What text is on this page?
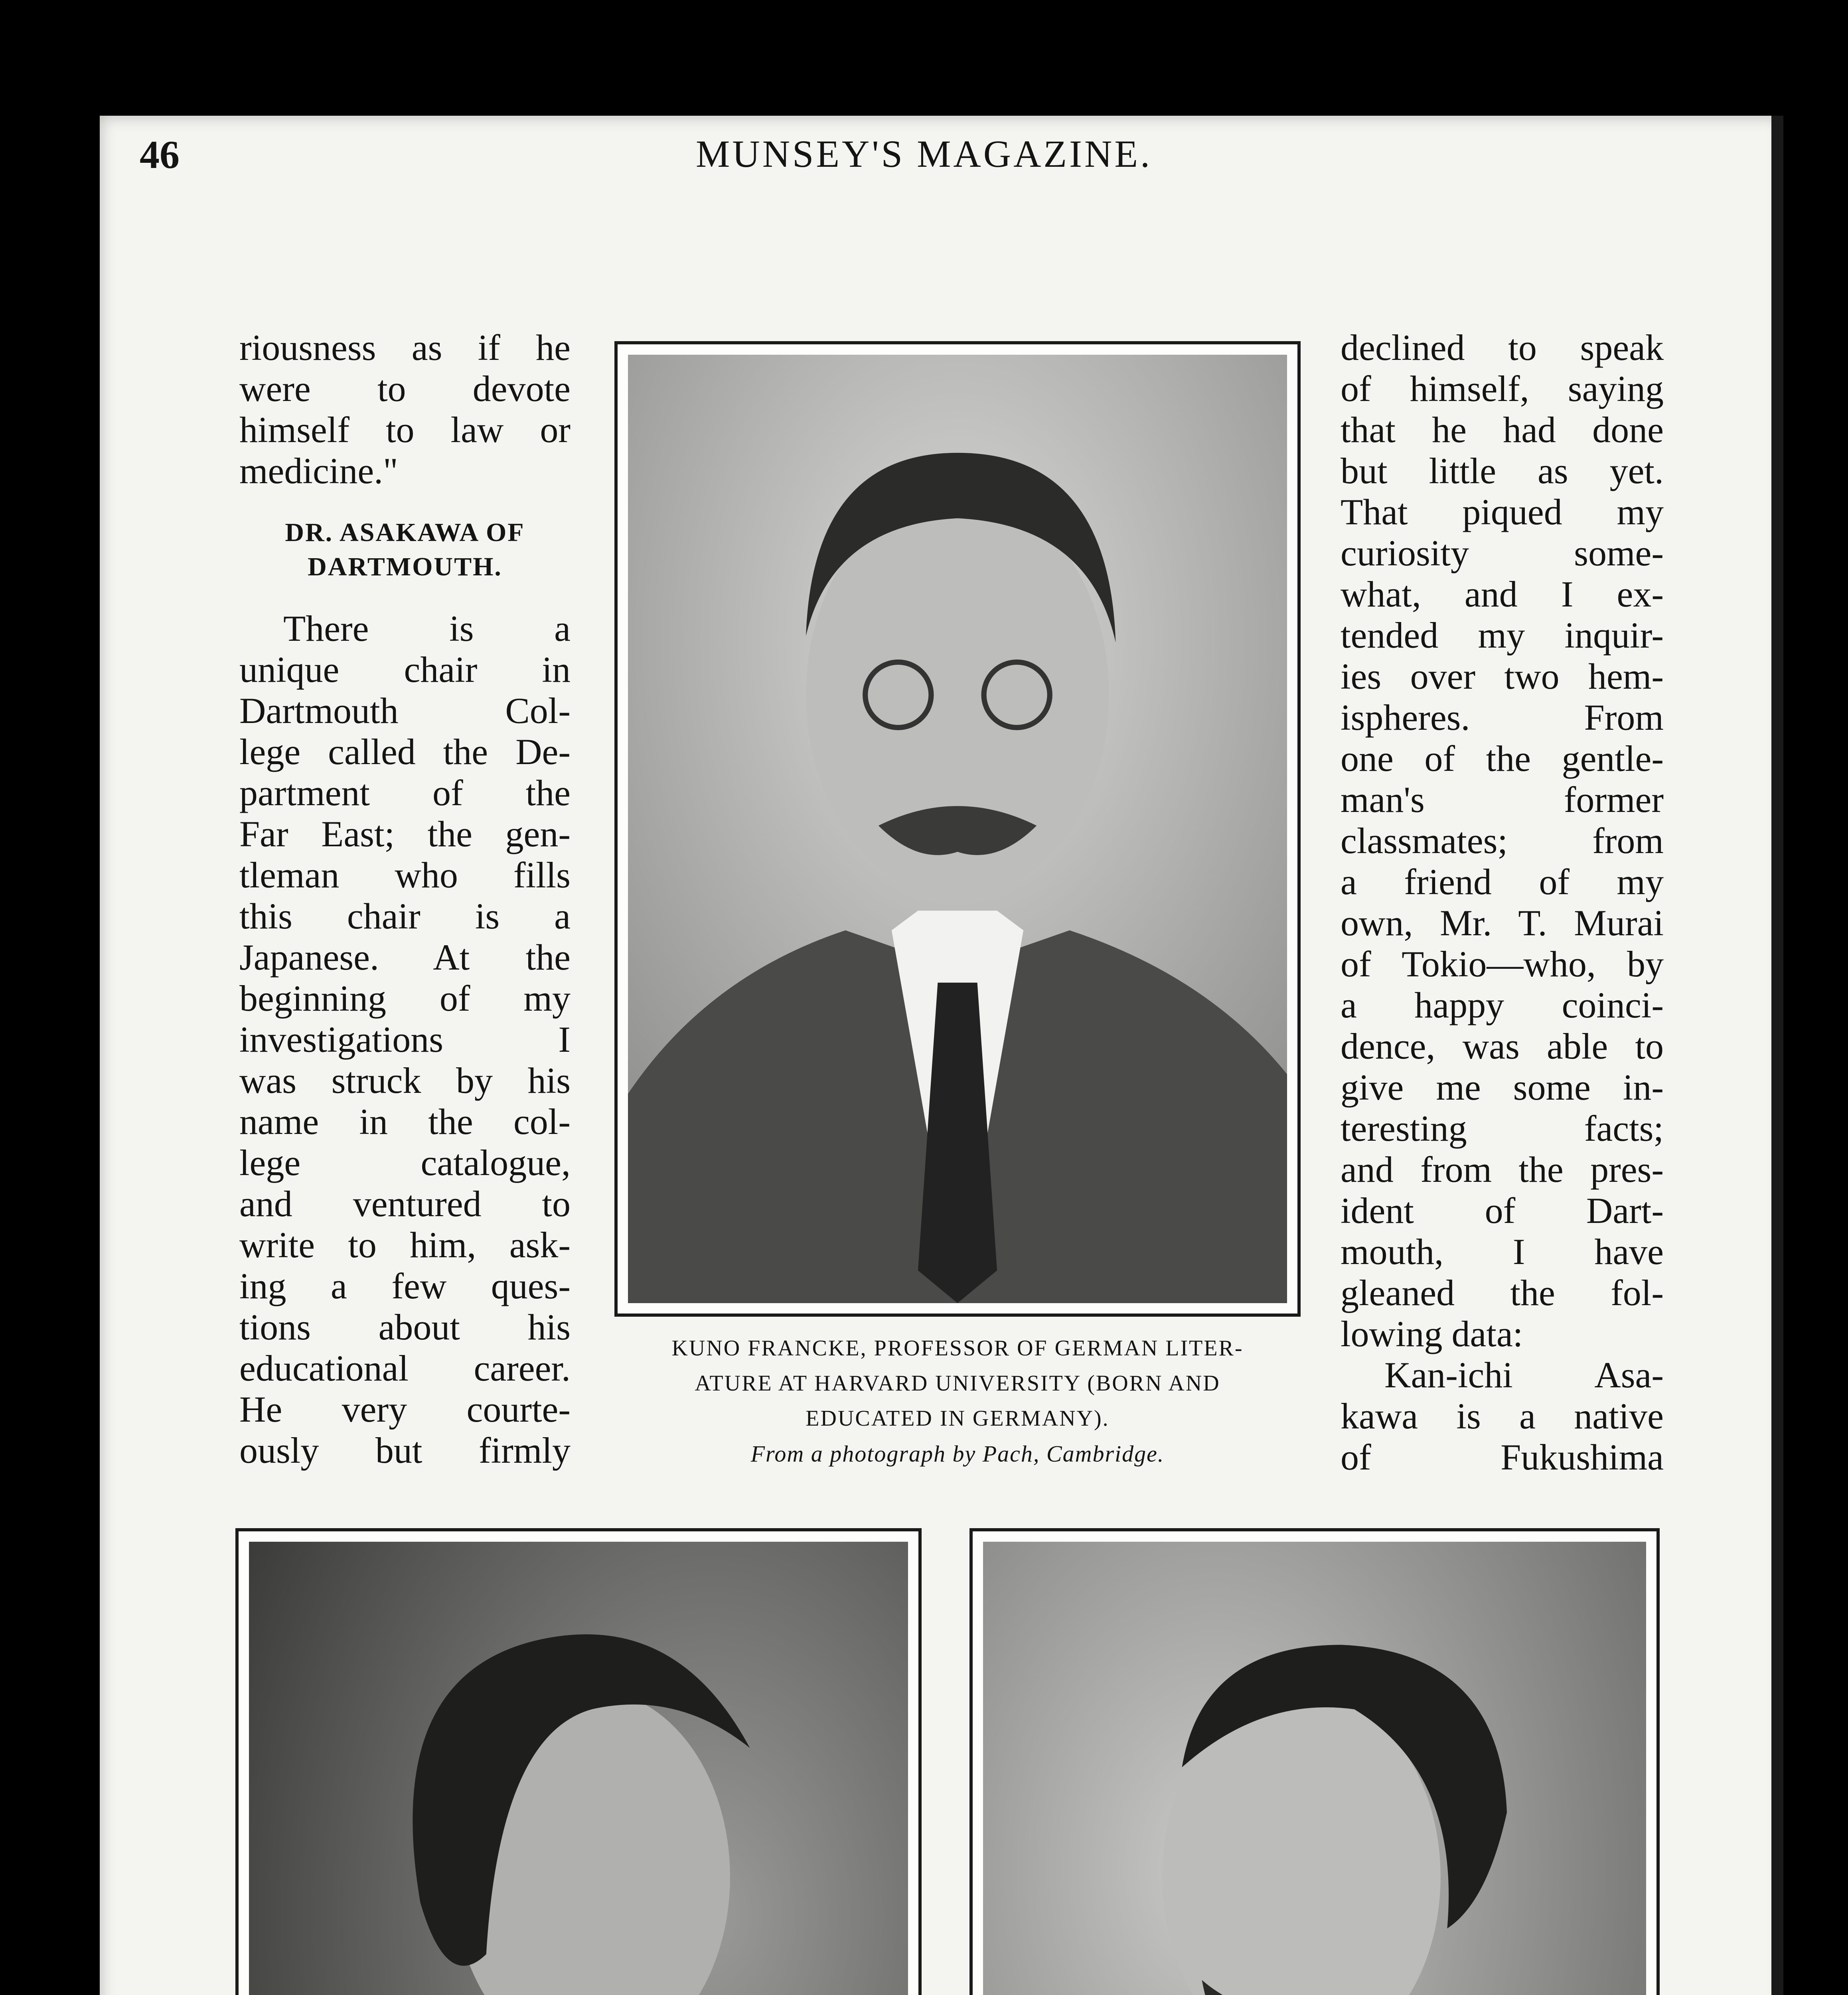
46	MUNSEY'S MAGAZINE.

riousness as if he
were to devote
himself to law or
medicine."

DR. ASAKAWA OF
DARTMOUTH.

There is a
unique chair in
Dartmouth Col-
lege called the De-
partment of the
Far East; the gen-
tleman who fills
this chair is a
Japanese. At the
beginning of my
investigations I
was struck by his
name in the col-
lege catalogue,
and ventured to
write to him, ask-
ing a few ques-
tions about his
educational career.
He very courte-
ously but firmly

declined to speak
of himself, saying
that he had done
but little as yet.
That piqued my
curiosity some-
what, and I ex-
tended my inquir-
ies over two hem-
ispheres. From
one of the gentle-
man's former
classmates; from
a friend of my
own, Mr. T. Murai
of Tokio—who, by
a happy coinci-
dence, was able to
give me some in-
teresting facts;
and from the pres-
ident of Dart-
mouth, I have
gleaned the fol-
lowing data:

Kan-ichi Asa-
kawa is a native
of Fukushima

KUNO FRANCKE, PROFESSOR OF GERMAN LITER-
ATURE AT HARVARD UNIVERSITY (BORN AND
EDUCATED IN GERMANY).
From a photograph by Pach, Cambridge.
